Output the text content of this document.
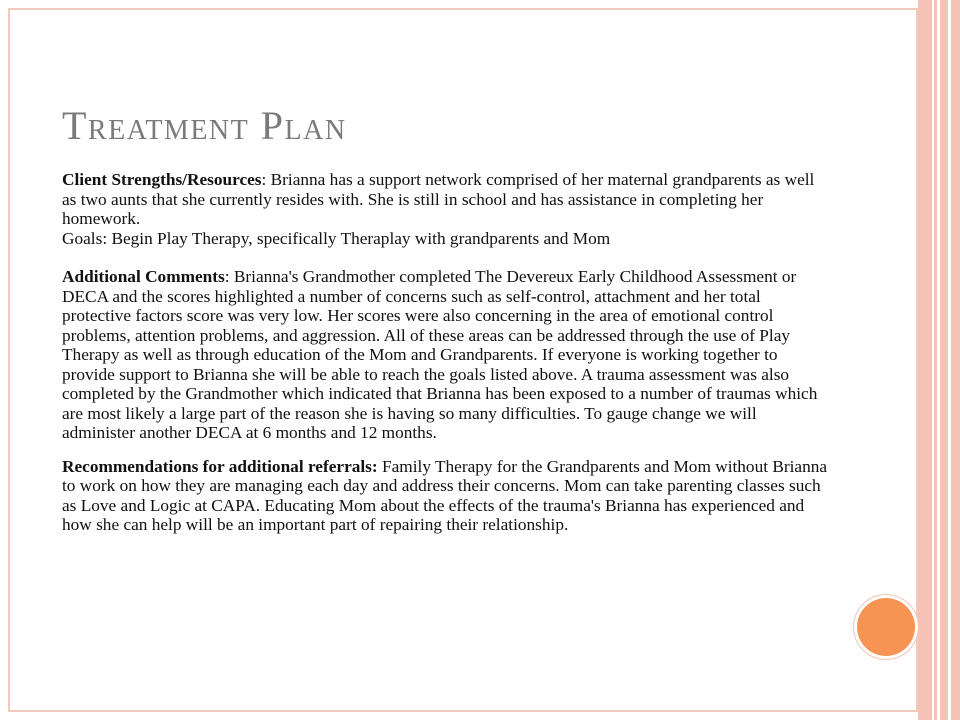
Treatment Plan

Client Strengths/Resources: Brianna has a support network comprised of her maternal grandparents as well as two aunts that she currently resides with. She is still in school and has assistance in completing her homework.

Goals: Begin Play Therapy, specifically Theraplay with grandparents and Mom

Additional Comments: Brianna's Grandmother completed The Devereux Early Childhood Assessment or DECA and the scores highlighted a number of concerns such as self-control, attachment and her total protective factors score was very low. Her scores were also concerning in the area of emotional control problems, attention problems, and aggression. All of these areas can be addressed through the use of Play Therapy as well as through education of the Mom and Grandparents. If everyone is working together to provide support to Brianna she will be able to reach the goals listed above. A trauma assessment was also completed by the Grandmother which indicated that Brianna has been exposed to a number of traumas which are most likely a large part of the reason she is having so many difficulties. To gauge change we will administer another DECA at 6 months and 12 months.

Recommendations for additional referrals: Family Therapy for the Grandparents and Mom without Brianna to work on how they are managing each day and address their concerns. Mom can take parenting classes such as Love and Logic at CAPA. Educating Mom about the effects of the trauma's Brianna has experienced and how she can help will be an important part of repairing their relationship.
